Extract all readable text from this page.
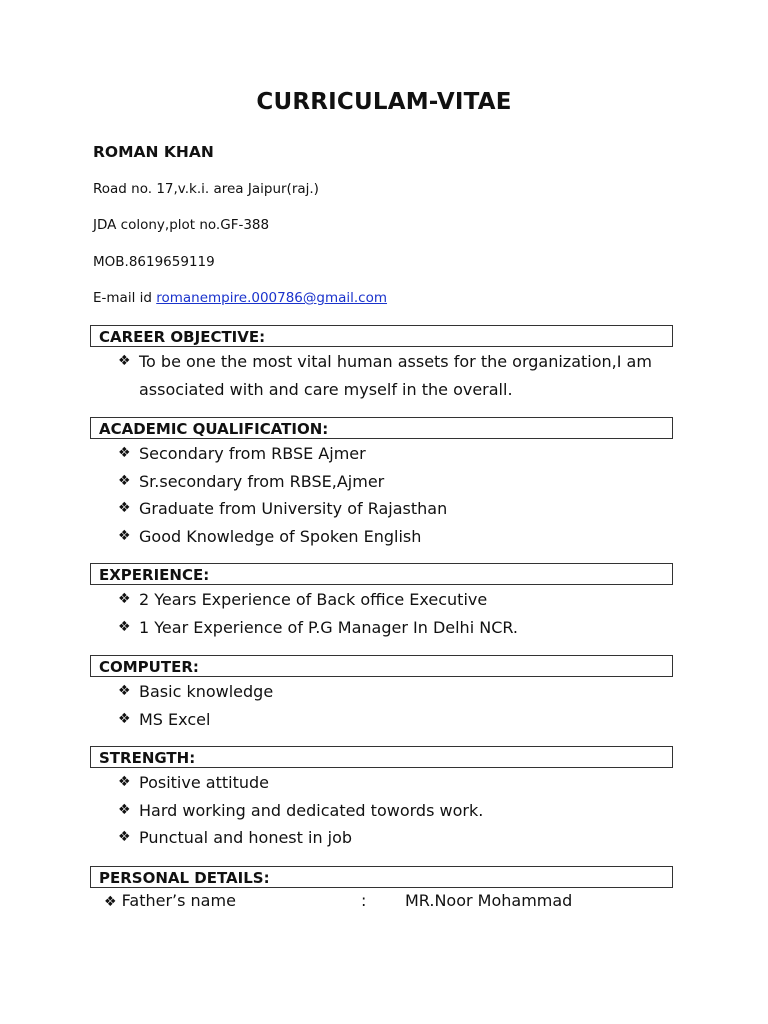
CURRICULAM-VITAE
ROMAN KHAN
Road no. 17,v.k.i. area Jaipur(raj.)
JDA colony,plot no.GF-388
MOB.8619659119
E-mail id romanempire.000786@gmail.com
CAREER OBJECTIVE:
❖ To be one the most vital human assets for the organization,I am associated with and care myself in the overall.
ACADEMIC QUALIFICATION:
❖ Secondary from RBSE Ajmer
❖ Sr.secondary from RBSE,Ajmer
❖ Graduate from University of Rajasthan
❖ Good Knowledge of Spoken English
EXPERIENCE:
❖ 2 Years Experience of Back office Executive
❖ 1 Year Experience of P.G Manager In Delhi NCR.
COMPUTER:
❖ Basic knowledge
❖ MS Excel
STRENGTH:
❖ Positive attitude
❖ Hard working and dedicated towords work.
❖ Punctual and honest in job
PERSONAL DETAILS:
❖ Father’s name	: MR.Noor Mohammad
